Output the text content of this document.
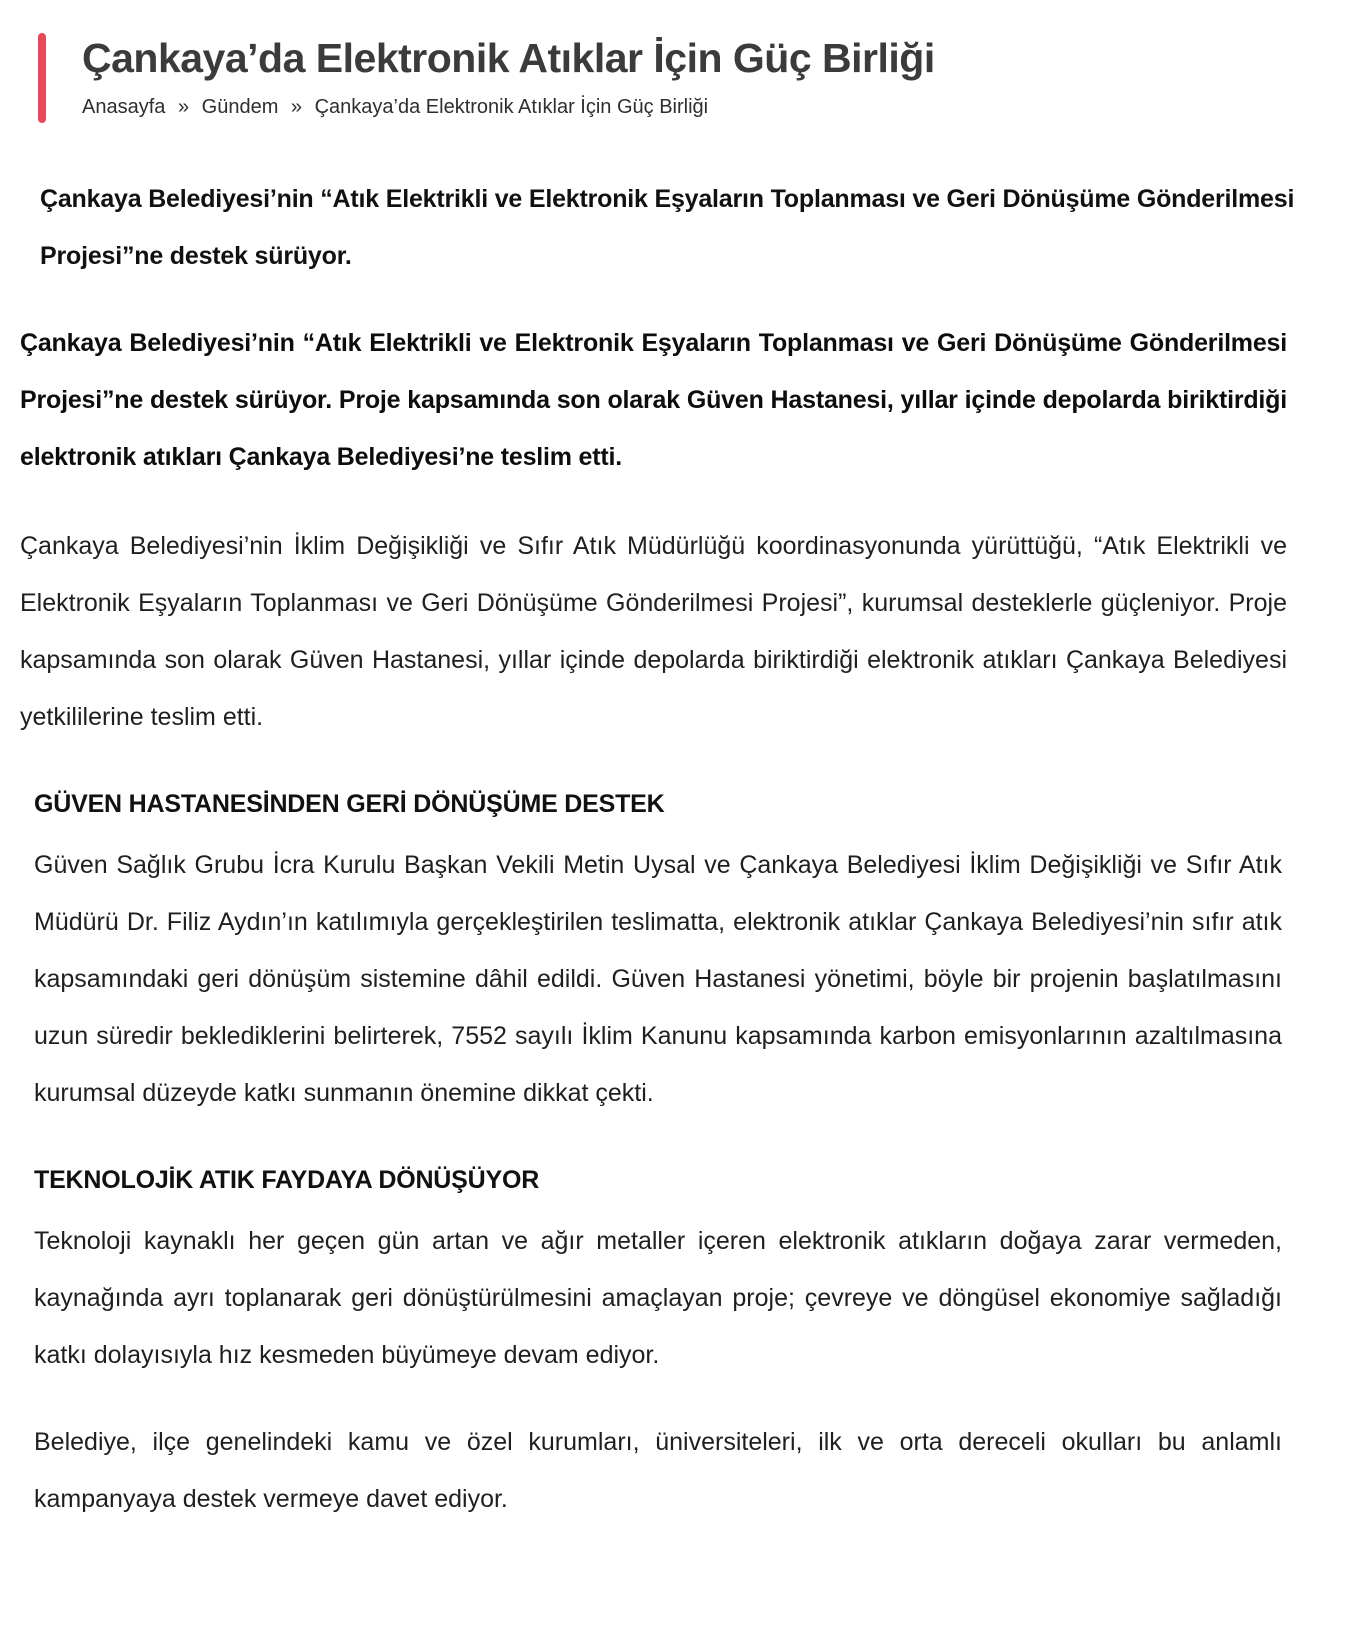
Çankaya’da Elektronik Atıklar İçin Güç Birliği
Anasayfa » Gündem » Çankaya’da Elektronik Atıklar İçin Güç Birliği

Çankaya Belediyesi’nin “Atık Elektrikli ve Elektronik Eşyaların Toplanması ve Geri Dönüşüme Gönderilmesi Projesi”ne destek sürüyor.

Çankaya Belediyesi’nin “Atık Elektrikli ve Elektronik Eşyaların Toplanması ve Geri Dönüşüme Gönderilmesi Projesi”ne destek sürüyor. Proje kapsamında son olarak Güven Hastanesi, yıllar içinde depolarda biriktirdiği elektronik atıkları Çankaya Belediyesi’ne teslim etti.

Çankaya Belediyesi’nin İklim Değişikliği ve Sıfır Atık Müdürlüğü koordinasyonunda yürüttüğü, “Atık Elektrikli ve Elektronik Eşyaların Toplanması ve Geri Dönüşüme Gönderilmesi Projesi”, kurumsal desteklerle güçleniyor. Proje kapsamında son olarak Güven Hastanesi, yıllar içinde depolarda biriktirdiği elektronik atıkları Çankaya Belediyesi yetkililerine teslim etti.

GÜVEN HASTANESİNDEN GERİ DÖNÜŞÜME DESTEK

Güven Sağlık Grubu İcra Kurulu Başkan Vekili Metin Uysal ve Çankaya Belediyesi İklim Değişikliği ve Sıfır Atık Müdürü Dr. Filiz Aydın’ın katılımıyla gerçekleştirilen teslimatta, elektronik atıklar Çankaya Belediyesi’nin sıfır atık kapsamındaki geri dönüşüm sistemine dâhil edildi. Güven Hastanesi yönetimi, böyle bir projenin başlatılmasını uzun süredir beklediklerini belirterek, 7552 sayılı İklim Kanunu kapsamında karbon emisyonlarının azaltılmasına kurumsal düzeyde katkı sunmanın önemine dikkat çekti.

TEKNOLOJİK ATIK FAYDAYA DÖNÜŞÜYOR

Teknoloji kaynaklı her geçen gün artan ve ağır metaller içeren elektronik atıkların doğaya zarar vermeden, kaynağında ayrı toplanarak geri dönüştürülmesini amaçlayan proje; çevreye ve döngüsel ekonomiye sağladığı katkı dolayısıyla hız kesmeden büyümeye devam ediyor.

Belediye, ilçe genelindeki kamu ve özel kurumları, üniversiteleri, ilk ve orta dereceli okulları bu anlamlı kampanyaya destek vermeye davet ediyor.
